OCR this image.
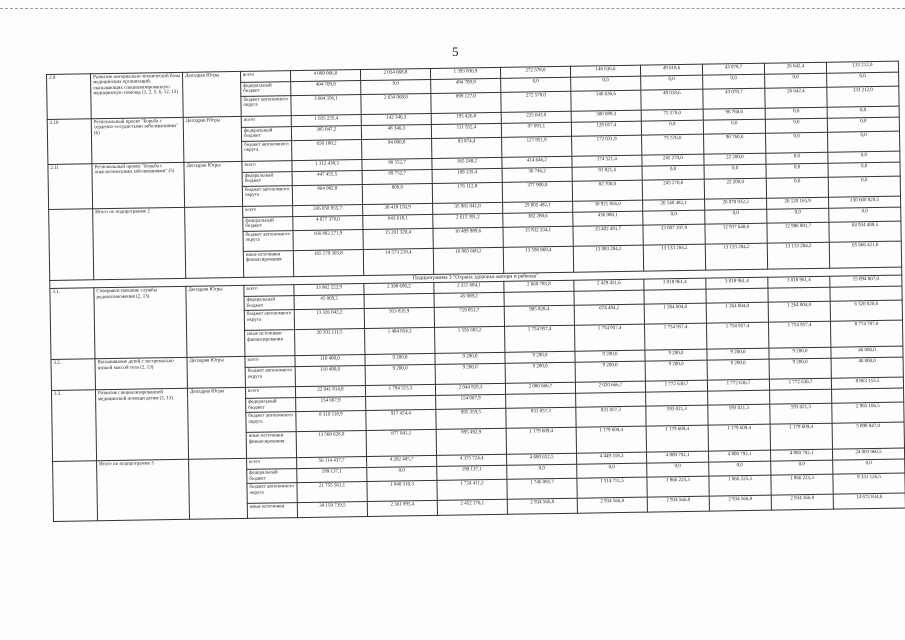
5
2.9	Развитие материально-технической базы медицинских организаций, оказывающих специализированную медицинскую помощь (1, 2, 5, 6, 12, 13)	Депздрав Югры	всего	4 099 066,0	2 034 068,8	1 393 836,9	272 578,0	146 636,6	49 018,6	43 078,7	26 642,4	133 212,0
			федеральный бюджет	494 709,9	0,0	494 709,9	0,0	0,0	0,0	0,0	0,0	0,0
			бюджет автономного округа	3 604 356,1	2 034 068,8	899 127,0	272 578,0	146 636,6	49 018,6	43 078,7	26 642,4	133 212,0
2.10	Региональный проект "Борьба с сердечно-сосудистыми заболеваниями" (6)	Депздрав Югры	всего	1 035 235,4	142 346,3	195 426,8	225 043,0	300 089,3	75 570,0	96 760,0	0,0	0,0
			федеральный бюджет	385 047,2	48 346,3	111 552,4	97 091,1	128 057,4	0,0	0,0	0,0	0,0
			бюджет автономного округа	650 188,2	94 000,0	83 874,4	127 951,9	172 031,9	75 570,0	96 760,0	0,0	0,0
2.11	Региональный проект "Борьба с онкологическими заболеваниями" (5)	Депздрав Югры	всего	1 312 438,3	90 552,7	365 248,2	414 646,2	174 521,4	245 270,0	22 200,0	0,0	0,0
			федеральный бюджет	447 455,5	89 752,7	189 135,4	36 746,2	91 821,4	0,0	0,0	0,0	0,0
			бюджет автономного округа	864 982,8	800,0	176 112,8	377 900,0	82 700,0	245 270,0	22 200,0	0,0	0,0
	Итого по подпрограмме 2		всего	336 058 955,7	30 418 150,9	35 981 041,0	29 805 492,1	30 921 856,0	26 140 482,1	26 070 932,2	26 120 165,9	130 600 829,5
			федеральный бюджет	4 077 378,0	643 618,1	2 615 391,2	382 288,6	436 080,1	0,0	0,0	0,0	0,0
			бюджет автономного округа	166 802 271,9	15 201 320,4	16 499 989,6	15 832 334,1	15 402 491,7	13 007 197,9	12 937 648,0	12 986 881,7	64 934 408,5
			иные источники финансирования	165 179 305,8	14 573 218,4	16 865 660,2	13 590 869,4	15 083 284,2	13 133 284,2	13 133 284,2	13 133 284,2	65 666 421,0
Подпрограмма 3 "Охрана здоровья матери и ребенка"												
3.1.	Совершенствование службы родовспоможения (2, 13)	Депздрав Югры	всего	33 962 222,9	2 398 690,2	2 321 604,1	2 660 785,8	2 429 451,6	3 018 961,4	3 018 961,4	3 018 961,4	15 094 807,0
			федеральный бюджет	45 069,2		45 069,2						
			бюджет автономного округа	13 326 042,2	913 835,9	719 851,7	905 828,4	674 494,2	1 264 004,0	1 264 004,0	1 264 004,0	6 320 020,0
			иные источники финансирования	20 591 111,5	1 484 854,3	1 556 683,2	1 754 957,4	1 754 957,4	1 754 957,4	1 754 957,4	1 754 957,4	8 774 787,0
3.2.	Выхаживание детей с экстремально низкой массой тела (2, 13)	Депздрав Югры	всего	110 400,0	9 200,0	9 200,0	9 200,0	9 200,0	9 200,0	9 200,0	9 200,0	46 000,0
			бюджет автономного округа	110 400,0	9 200,0	9 200,0	9 200,0	9 200,0	9 200,0	9 200,0	9 200,0	46 000,0
3.3.	Развитие специализированной медицинской помощи детям (2, 13)	Депздрав Югры	всего	22 041 814,8	1 794 515,5	2 044 920,3	2 080 666,7	2 020 666,7	1 772 630,7	1 772 630,7	1 772 630,7	8 863 153,5
			федеральный бюджет	154 067,9		154 067,9						
			бюджет автономного округа	8 319 118,9	917 474,4	995 359,5	831 057,3	831 057,3	593 021,3	593 021,3	593 021,3	2 965 106,5
			иные источники финансирования	13 568 628,0	877 041,1	895 492,9	1 179 609,4	1 179 609,4	1 179 609,4	1 179 609,4	1 179 609,4	5 898 047,0
	Итого по подпрограмме 3		всего	56 114 437,7	4 202 405,7	4 375 724,4	4 680 652,5	4 449 318,3	4 800 792,1	4 800 792,1	4 800 792,1	24 003 960,5
			федеральный бюджет	199 137,1	0,0	199 137,1	0,0	0,0	0,0	0,0	0,0	0,0
			бюджет автономного округа	21 755 561,1	1 840 310,3	1 724 411,2	1 746 085,7	1 514 751,5	1 866 225,3	1 866 225,3	1 866 225,3	9 331 126,5
			иные источники	34 159 739,5	2 361 895,4	2 452 176,1	2 934 566,8	2 934 566,8	2 934 566,8	2 934 566,8	2 934 566,8	14 672 834,0
